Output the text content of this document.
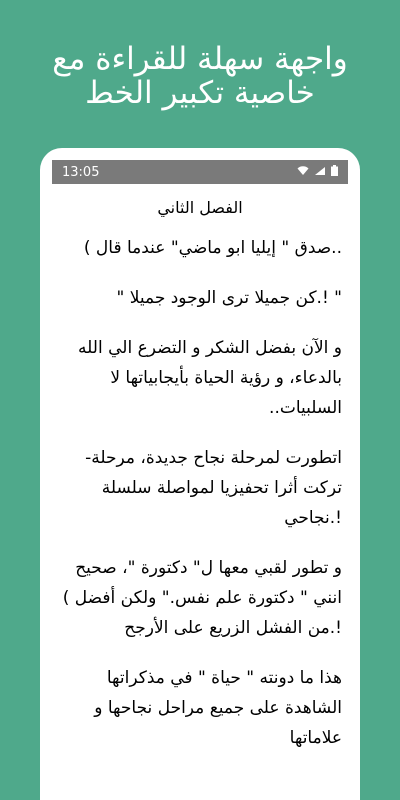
واجهة سهلة للقراءة مع
خاصية تكبير الخط
13:05
الفصل الثاني

..صدق " إيليا ابو ماضي" عندما قال )

" !.كن جميلا ترى الوجود جميلا "

و الآن بفضل الشكر و التضرع الي الله بالدعاء، و رؤية الحياة بأيجابياتها لا السلبيات..

اتطورت لمرحلة نجاح جديدة، مرحلة- تركت أثرا تحفيزيا لمواصلة سلسلة !.نجاحي

و تطور لقبي معها ل" دكتورة "، صحيح انني " دكتورة علم نفس." ولكن أفضل ) !.من الفشل الزريع على الأرجح

هذا ما دونته " حياة " في مذكراتها الشاهدة على جميع مراحل نجاحها و علاماتها
